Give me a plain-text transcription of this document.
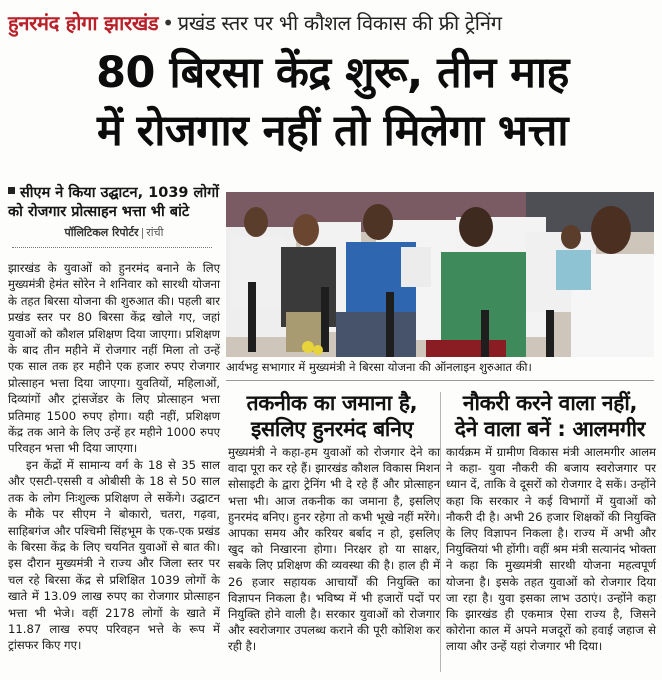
हुनरमंद होगा झारखंड • प्रखंड स्तर पर भी कौशल विकास की फ्री ट्रेनिंग
80 बिरसा केंद्र शुरू, तीन माह
में रोजगार नहीं तो मिलेगा भत्ता
सीएम ने किया उद्घाटन, 1039 लोगों को रोजगार प्रोत्साहन भत्ता भी बांटे
पॉलिटिकल रिपोर्टर | रांची

झारखंड के युवाओं को हुनरमंद बनाने के लिए मुख्यमंत्री हेमंत सोरेन ने शनिवार को सारथी योजना के तहत बिरसा योजना की शुरुआत की। पहली बार प्रखंड स्तर पर 80 बिरसा केंद्र खोले गए, जहां युवाओं को कौशल प्रशिक्षण दिया जाएगा। प्रशिक्षण के बाद तीन महीने में रोजगार नहीं मिला तो उन्हें एक साल तक हर महीने एक हजार रुपए रोजगार प्रोत्साहन भत्ता दिया जाएगा। युवतियों, महिलाओं, दिव्यांगों और ट्रांसजेंडर के लिए प्रोत्साहन भत्ता प्रतिमाह 1500 रुपए होगा। यही नहीं, प्रशिक्षण केंद्र तक आने के लिए उन्हें हर महीने 1000 रुपए परिवहन भत्ता भी दिया जाएगा।

इन केंद्रों में सामान्य वर्ग के 18 से 35 साल और एसटी-एससी व ओबीसी के 18 से 50 साल तक के लोग निःशुल्क प्रशिक्षण ले सकेंगे। उद्घाटन के मौके पर सीएम ने बोकारो, चतरा, गढ़वा, साहिबगंज और पश्चिमी सिंहभूम के एक-एक प्रखंड के बिरसा केंद्र के लिए चयनित युवाओं से बात की। इस दौरान मुख्यमंत्री ने राज्य और जिला स्तर पर चल रहे बिरसा केंद्र से प्रशिक्षित 1039 लोगों के खाते में 13.09 लाख रुपए का रोजगार प्रोत्साहन भत्ता भी भेजे। वहीं 2178 लोगों के खाते में 11.87 लाख रुपए परिवहन भत्ते के रूप में ट्रांसफर किए गए।

आर्यभट्ट सभागार में मुख्यमंत्री ने बिरसा योजना की ऑनलाइन शुरुआत की।
तकनीक का जमाना है,
इसलिए हुनरमंद बनिए
नौकरी करने वाला नहीं,
देने वाला बनें : आलमगीर
मुख्यमंत्री ने कहा-हम युवाओं को रोजगार देने का वादा पूरा कर रहे हैं। झारखंड कौशल विकास मिशन सोसाइटी के द्वारा ट्रेनिंग भी दे रहे हैं और प्रोत्साहन भत्ता भी। आज तकनीक का जमाना है, इसलिए हुनरमंद बनिए। हुनर रहेगा तो कभी भूखे नहीं मरेंगे। आपका समय और करियर बर्बाद न हो, इसलिए खुद को निखारना होगा। निरक्षर हो या साक्षर, सबके लिए प्रशिक्षण की व्यवस्था की है। हाल ही में 26 हजार सहायक आचार्यों की नियुक्ति का विज्ञापन निकला है। भविष्य में भी हजारों पदों पर नियुक्ति होने वाली है। सरकार युवाओं को रोजगार और स्वरोजगार उपलब्ध कराने की पूरी कोशिश कर रही है।
कार्यक्रम में ग्रामीण विकास मंत्री आलमगीर आलम ने कहा- युवा नौकरी की बजाय स्वरोजगार पर ध्यान दें, ताकि वे दूसरों को रोजगार दे सकें। उन्होंने कहा कि सरकार ने कई विभागों में युवाओं को नौकरी दी है। अभी 26 हजार शिक्षकों की नियुक्ति के लिए विज्ञापन निकला है। राज्य में अभी और नियुक्तियां भी होंगी। वहीं श्रम मंत्री सत्यानंद भोक्ता ने कहा कि मुख्यमंत्री सारथी योजना महत्वपूर्ण योजना है। इसके तहत युवाओं को रोजगार दिया जा रहा है। युवा इसका लाभ उठाएं। उन्होंने कहा कि झारखंड ही एकमात्र ऐसा राज्य है, जिसने कोरोना काल में अपने मजदूरों को हवाई जहाज से लाया और उन्हें यहां रोजगार भी दिया।
